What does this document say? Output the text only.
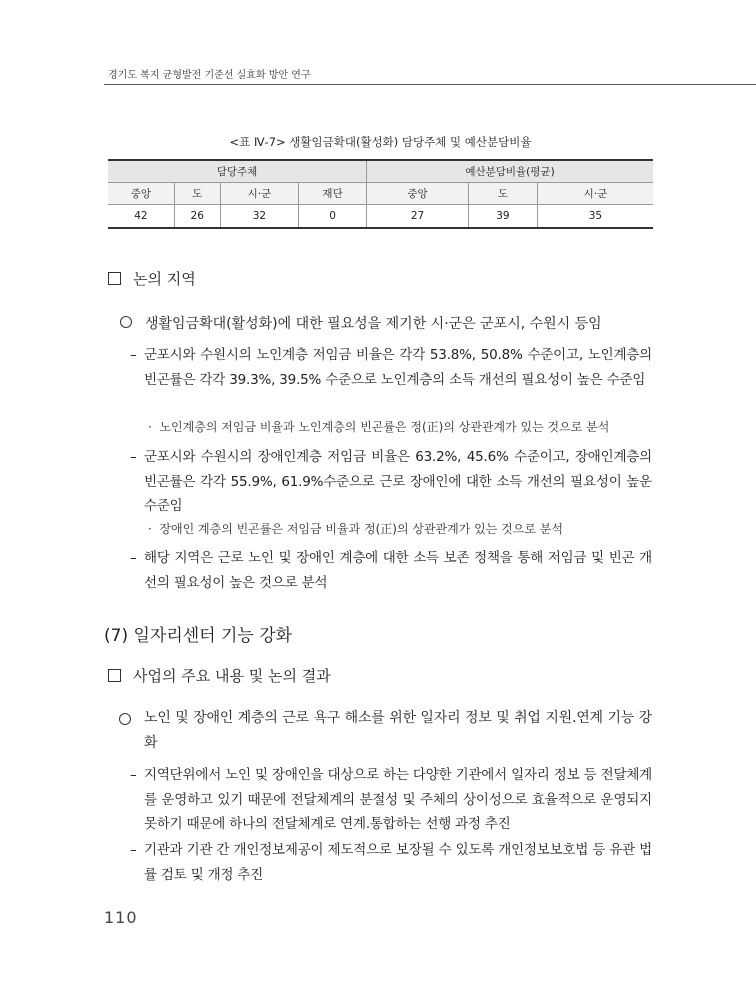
경기도 복지 균형발전 기준선 실효화 방안 연구
<표 Ⅳ-7> 생활임금확대(활성화) 담당주체 및 예산분담비율
담당주체				예산분담비율(평균)		
중앙	도	시·군	재단	중앙	도	시·군
42	26	32	0	27	39	35
논의 지역
생활임금확대(활성화)에 대한 필요성을 제기한 시·군은 군포시, 수원시 등임
– 군포시와 수원시의 노인계층 저임금 비율은 각각 53.8%, 50.8% 수준이고, 노인계층의 빈곤률은 각각 39.3%, 39.5% 수준으로 노인계층의 소득 개선의 필요성이 높은 수준임
· 노인계층의 저임금 비율과 노인계층의 빈곤률은 정(正)의 상관관계가 있는 것으로 분석
– 군포시와 수원시의 장애인계층 저임금 비율은 63.2%, 45.6% 수준이고, 장애인계층의 빈곤률은 각각 55.9%, 61.9%수준으로 근로 장애인에 대한 소득 개선의 필요성이 높운 수준임
· 장애인 계층의 빈곤률은 저임금 비율과 정(正)의 상관관계가 있는 것으로 분석
– 해당 지역은 근로 노인 및 장애인 계층에 대한 소득 보존 정책을 통해 저임금 및 빈곤 개선의 필요성이 높은 것으로 분석
(7) 일자리센터 기능 강화
사업의 주요 내용 및 논의 결과
노인 및 장애인 계층의 근로 욕구 해소를 위한 일자리 정보 및 취업 지원.연계 기능 강화
– 지역단위에서 노인 및 장애인을 대상으로 하는 다양한 기관에서 일자리 정보 등 전달체계를 운영하고 있기 때문에 전달체계의 분절성 및 주체의 상이성으로 효율적으로 운영되지 못하기 때문에 하나의 전달체계로 연계.통합하는 선행 과정 추진
– 기관과 기관 간 개인정보제공이 제도적으로 보장될 수 있도록 개인정보보호법 등 유관 법률 검토 및 개정 추진
110
